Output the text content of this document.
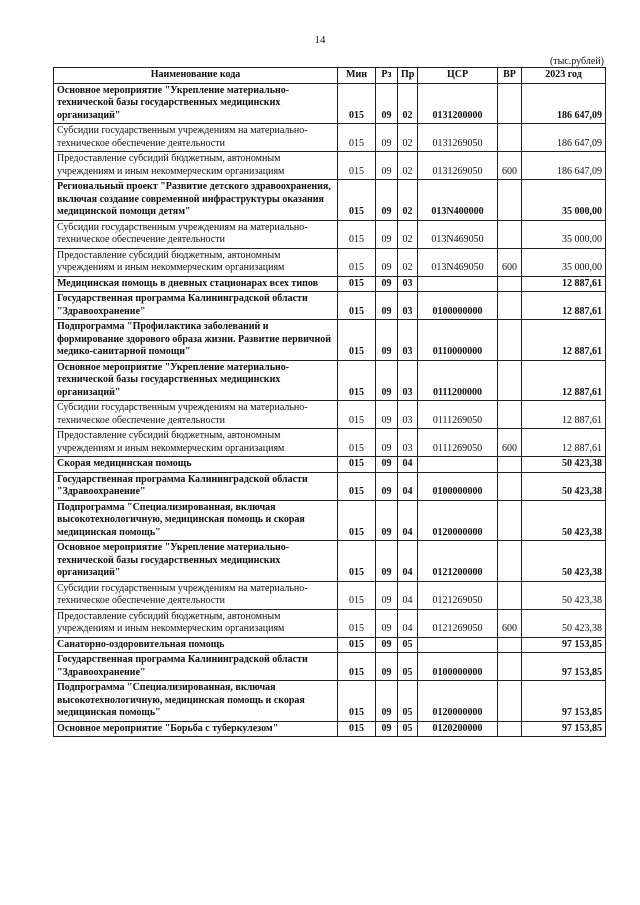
14
(тыс.рублей)
Наименование кода	Мин	Рз	Пр	ЦСР	ВР	2023 год
Основное мероприятие "Укрепление материально-технической базы государственных медицинских организаций"	015	09	02	0131200000		186 647,09
Субсидии государственным учреждениям на материально-техническое обеспечение деятельности	015	09	02	0131269050		186 647,09
Предоставление субсидий бюджетным, автономным учреждениям и иным некоммерческим организациям	015	09	02	0131269050	600	186 647,09
Региональный проект "Развитие детского здравоохранения, включая создание современной инфраструктуры оказания медицинской помощи детям"	015	09	02	013N400000		35 000,00
Субсидии государственным учреждениям на материально-техническое обеспечение деятельности	015	09	02	013N469050		35 000,00
Предоставление субсидий бюджетным, автономным учреждениям и иным некоммерческим организациям	015	09	02	013N469050	600	35 000,00
Медицинская помощь в дневных стационарах всех типов	015	09	03			12 887,61
Государственная программа Калининградской области "Здравоохранение"	015	09	03	0100000000		12 887,61
Подпрограмма "Профилактика заболеваний и формирование здорового образа жизни. Развитие первичной медико-санитарной помощи"	015	09	03	0110000000		12 887,61
Основное мероприятие "Укрепление материально-технической базы государственных медицинских организаций"	015	09	03	0111200000		12 887,61
Субсидии государственным учреждениям на материально-техническое обеспечение деятельности	015	09	03	0111269050		12 887,61
Предоставление субсидий бюджетным, автономным учреждениям и иным некоммерческим организациям	015	09	03	0111269050	600	12 887,61
Скорая медицинская помощь	015	09	04			50 423,38
Государственная программа Калининградской области "Здравоохранение"	015	09	04	0100000000		50 423,38
Подпрограмма "Специализированная, включая высокотехнологичную, медицинская помощь и скорая медицинская помощь"	015	09	04	0120000000		50 423,38
Основное мероприятие "Укрепление материально-технической базы государственных медицинских организаций"	015	09	04	0121200000		50 423,38
Субсидии государственным учреждениям на материально-техническое обеспечение деятельности	015	09	04	0121269050		50 423,38
Предоставление субсидий бюджетным, автономным учреждениям и иным некоммерческим организациям	015	09	04	0121269050	600	50 423,38
Санаторно-оздоровительная помощь	015	09	05			97 153,85
Государственная программа Калининградской области "Здравоохранение"	015	09	05	0100000000		97 153,85
Подпрограмма "Специализированная, включая высокотехнологичную, медицинская помощь и скорая медицинская помощь"	015	09	05	0120000000		97 153,85
Основное мероприятие "Борьба с туберкулезом"	015	09	05	0120200000		97 153,85
